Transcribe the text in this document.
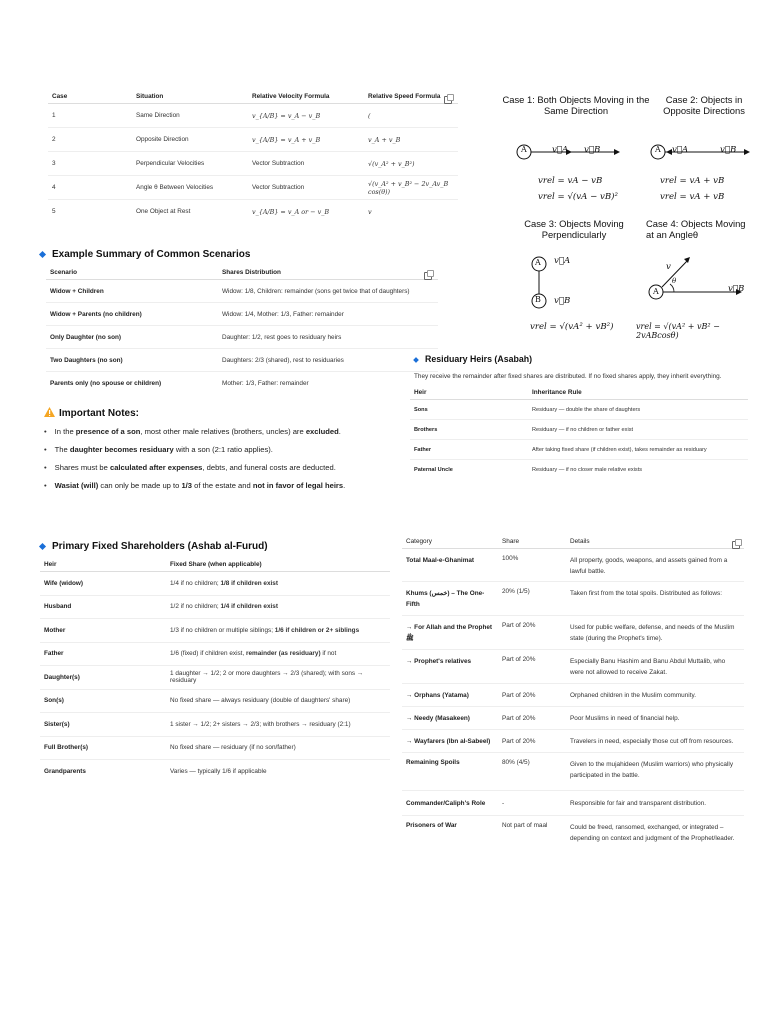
Case	Situation	Relative Velocity Formula	Relative Speed Formula
1	Same Direction	v_{A/B} = v_A − v_B	(
2	Opposite Direction	v_{A/B} = v_A + v_B	v_A + v_B
3	Perpendicular Velocities	Vector Subtraction	√(v_A² + v_B²)
4	Angle θ Between Velocities	Vector Subtraction	√(v_A² + v_B² − 2v_Av_B cos(θ))
5	One Object at Rest	v_{A/B} = v_A or − v_B	v
Case 1: Both Objects Moving in the Same Direction
Case 2: Objects in Opposite Directions
A	v⃗A v⃗B	A v⃗A	v⃗B
vrel = vA − vB
vrel = √(vA − vB)²
vrel = vA + vB
vrel = vA + vB
Case 3: Objects Moving Perpendicularly
Case 4: Objects Moving at an Angleθ
A
B
v⃗A
v⃗B
vrel = √(vA² + vB²)
A
v
θ
v⃗B
vrel = √(vA² + vB² − 2vABcosθ)
Example Summary of Common Scenarios
Scenario	Shares Distribution
Widow + Children	Widow: 1/8, Children: remainder (sons get twice that of daughters)
Widow + Parents (no children)	Widow: 1/4, Mother: 1/3, Father: remainder
Only Daughter (no son)	Daughter: 1/2, rest goes to residuary heirs
Two Daughters (no son)	Daughters: 2/3 (shared), rest to residuaries
Parents only (no spouse or children)	Mother: 1/3, Father: remainder
Important Notes:
• In the presence of a son, most other male relatives (brothers, uncles) are excluded.
• The daughter becomes residuary with a son (2:1 ratio applies).
• Shares must be calculated after expenses, debts, and funeral costs are deducted.
• Wasiat (will) can only be made up to 1/3 of the estate and not in favor of legal heirs.
Residuary Heirs (Asabah)
They receive the remainder after fixed shares are distributed. If no fixed shares apply, they inherit everything.
Heir	Inheritance Rule
Sons	Residuary — double the share of daughters
Brothers	Residuary — if no children or father exist
Father	After taking fixed share (if children exist), takes remainder as residuary
Paternal Uncle	Residuary — if no closer male relative exists
Primary Fixed Shareholders (Ashab al-Furud)
Heir	Fixed Share (when applicable)
Wife (widow)	1/4 if no children; 1/8 if children exist
Husband	1/2 if no children; 1/4 if children exist
Mother	1/3 if no children or multiple siblings; 1/6 if children or 2+ siblings
Father	1/6 (fixed) if children exist, remainder (as residuary) if not
Daughter(s)	1 daughter → 1/2; 2 or more daughters → 2/3 (shared); with sons → residuary
Son(s)	No fixed share — always residuary (double of daughters' share)
Sister(s)	1 sister → 1/2; 2+ sisters → 2/3; with brothers → residuary (2:1)
Full Brother(s)	No fixed share — residuary (if no son/father)
Grandparents	Varies — typically 1/6 if applicable
Category	Share	Details
Total Maal-e-Ghanimat	100%	All property, goods, weapons, and assets gained from a lawful battle.
Khums (خمس) – The One-Fifth	20% (1/5)	Taken first from the total spoils. Distributed as follows:
→ For Allah and the Prophet ﷺ	Part of 20%	Used for public welfare, defense, and needs of the Muslim state (during the Prophet's time).
→ Prophet's relatives	Part of 20%	Especially Banu Hashim and Banu Abdul Muttalib, who were not allowed to receive Zakat.
→ Orphans (Yatama)	Part of 20%	Orphaned children in the Muslim community.
→ Needy (Masakeen)	Part of 20%	Poor Muslims in need of financial help.
→ Wayfarers (Ibn al-Sabeel)	Part of 20%	Travelers in need, especially those cut off from resources.
Remaining Spoils	80% (4/5)	Given to the mujahideen (Muslim warriors) who physically participated in the battle.
Commander/Caliph's Role	-	Responsible for fair and transparent distribution.
Prisoners of War	Not part of maal	Could be freed, ransomed, exchanged, or integrated – depending on context and judgment of the Prophet/leader.
